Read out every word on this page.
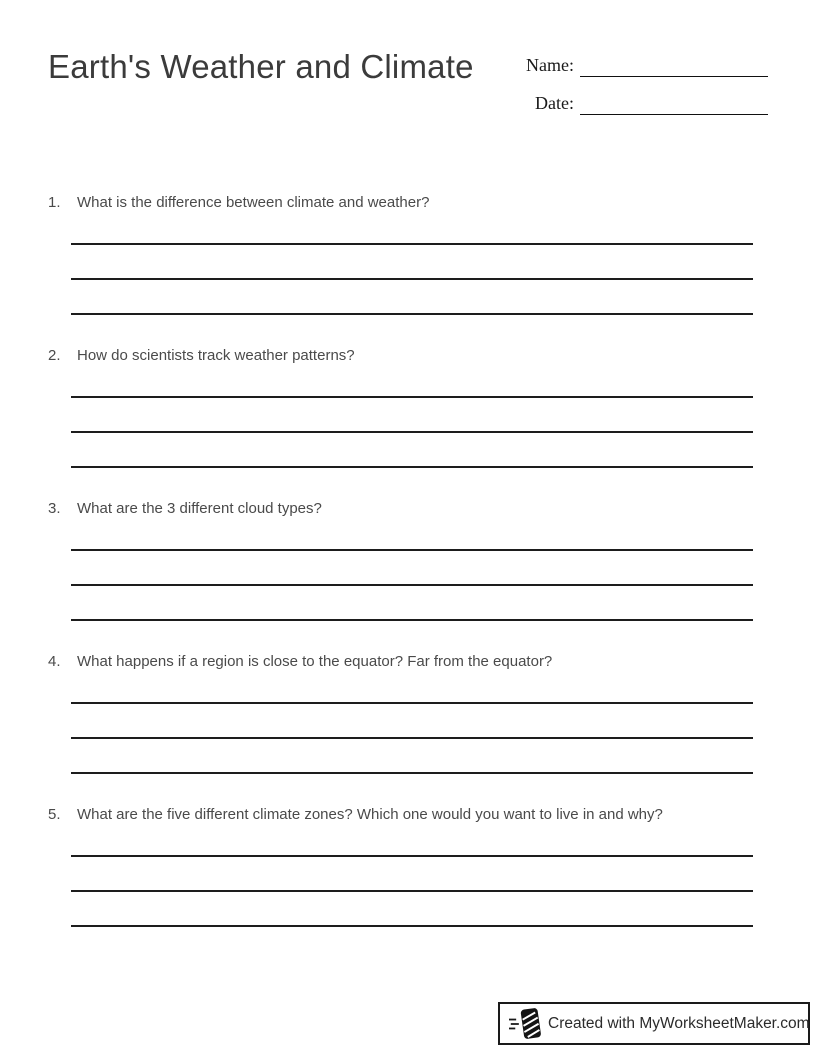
Earth's Weather and Climate	Name:
Date:
1.	What is the difference between climate and weather?
2.	How do scientists track weather patterns?
3.	What are the 3 different cloud types?
4.	What happens if a region is close to the equator? Far from the equator?
5.	What are the five different climate zones? Which one would you want to live in and why?
Created with MyWorksheetMaker.com
